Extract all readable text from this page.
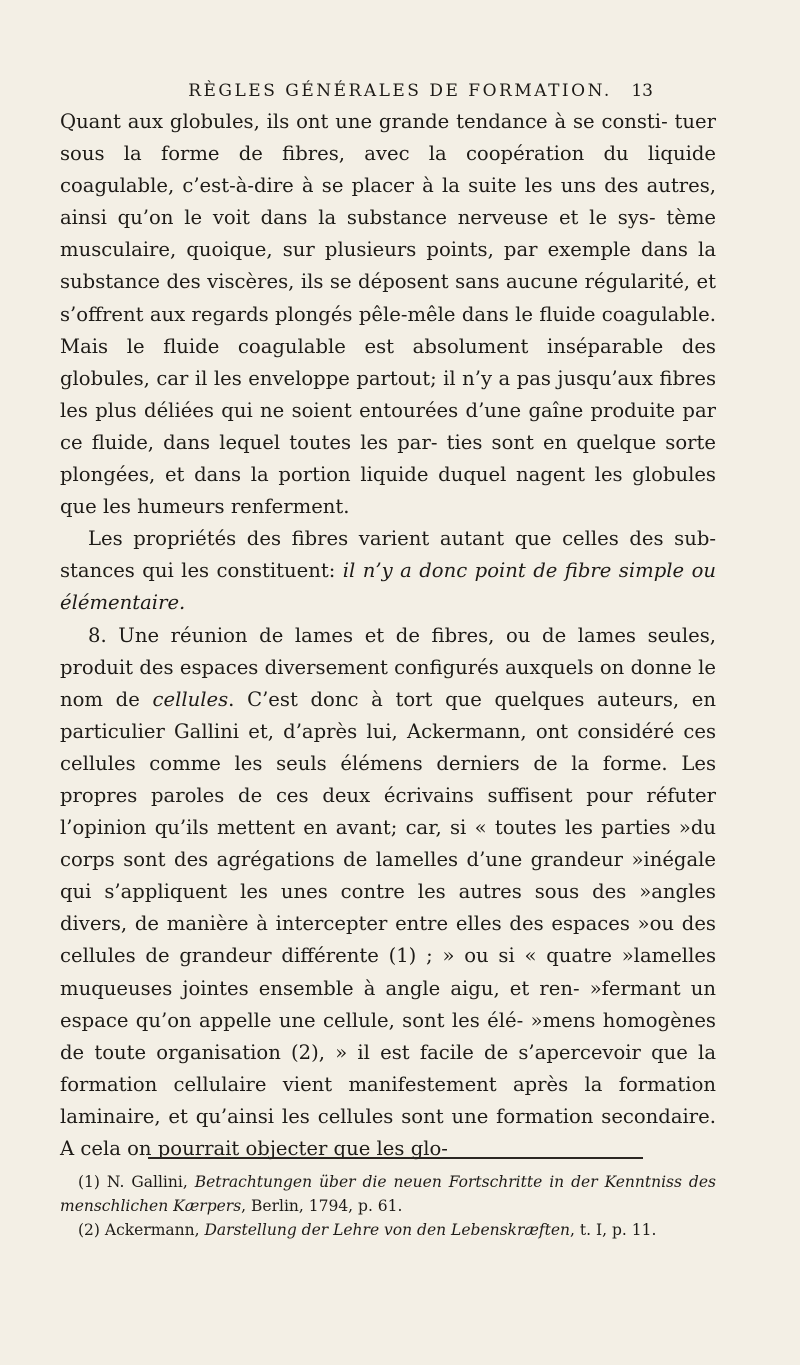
RÈGLES GÉNÉRALES DE FORMATION.	13

Quant aux globules, ils ont une grande tendance à se consti- tuer sous la forme de fibres, avec la coopération du liquide coagulable, c’est-à-dire à se placer à la suite les uns des autres, ainsi qu’on le voit dans la substance nerveuse et le sys- tème musculaire, quoique, sur plusieurs points, par exemple dans la substance des viscères, ils se déposent sans aucune régularité, et s’offrent aux regards plongés pêle-mêle dans le fluide coagulable. Mais le fluide coagulable est absolument inséparable des globules, car il les enveloppe partout; il n’y a pas jusqu’aux fibres les plus déliées qui ne soient entourées d’une gaîne produite par ce fluide, dans lequel toutes les par- ties sont en quelque sorte plongées, et dans la portion liquide duquel nagent les globules que les humeurs renferment.

Les propriétés des fibres varient autant que celles des sub- stances qui les constituent: il n’y a donc point de fibre simple ou élémentaire.

8. Une réunion de lames et de fibres, ou de lames seules, produit des espaces diversement configurés auxquels on donne le nom de cellules. C’est donc à tort que quelques auteurs, en particulier Gallini et, d’après lui, Ackermann, ont considéré ces cellules comme les seuls élémens derniers de la forme. Les propres paroles de ces deux écrivains suffisent pour réfuter l’opinion qu’ils mettent en avant; car, si « toutes les parties »du corps sont des agrégations de lamelles d’une grandeur »inégale qui s’appliquent les unes contre les autres sous des »angles divers, de manière à intercepter entre elles des espaces »ou des cellules de grandeur différente (1) ; » ou si « quatre »lamelles muqueuses jointes ensemble à angle aigu, et ren- »fermant un espace qu’on appelle une cellule, sont les élé- »mens homogènes de toute organisation (2), » il est facile de s’apercevoir que la formation cellulaire vient manifestement après la formation laminaire, et qu’ainsi les cellules sont une formation secondaire. A cela on pourrait objecter que les glo-

(1) N. Gallini, Betrachtungen über die neuen Fortschritte in der Kenntniss des menschlichen Kærpers, Berlin, 1794, p. 61.

(2) Ackermann, Darstellung der Lehre von den Lebenskræften, t. I, p. 11.
